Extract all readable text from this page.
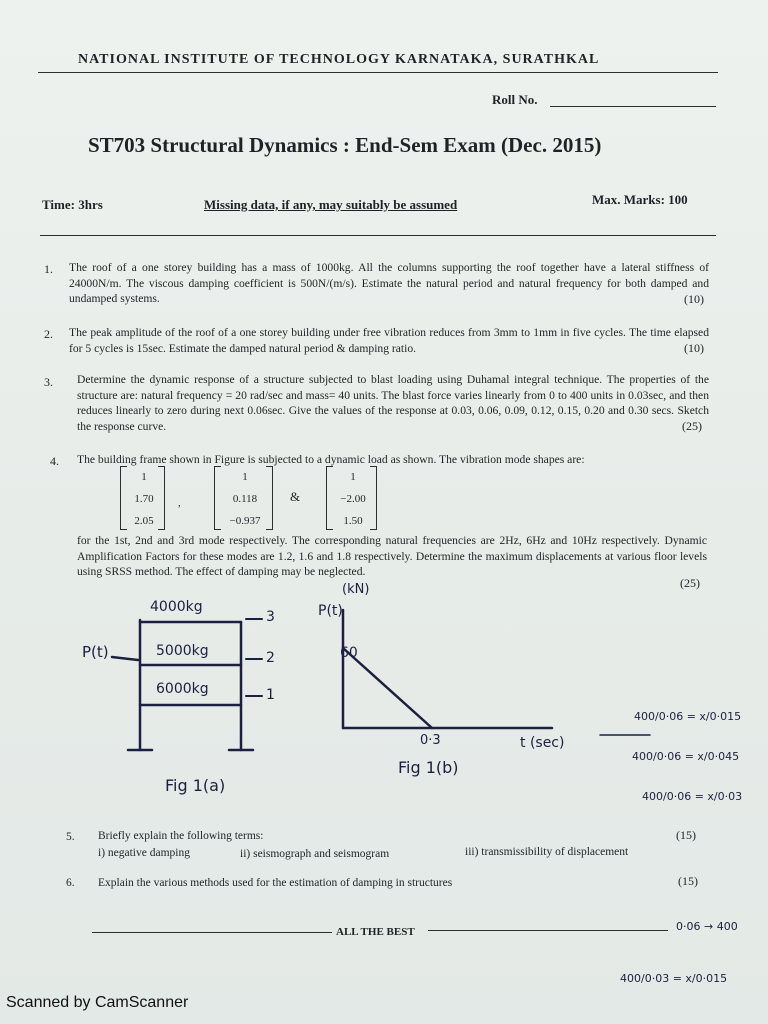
NATIONAL INSTITUTE OF TECHNOLOGY KARNATAKA, SURATHKAL
Roll No.
ST703 Structural Dynamics : End-Sem Exam (Dec. 2015)
Time: 3hrs	Missing data, if any, may suitably be assumed	Max. Marks: 100
1. The roof of a one storey building has a mass of 1000kg. All the columns supporting the roof together have a lateral stiffness of 24000N/m. The viscous damping coefficient is 500N/(m/s). Estimate the natural period and natural frequency for both damped and undamped systems.	(10)
2. The peak amplitude of the roof of a one storey building under free vibration reduces from 3mm to 1mm in five cycles. The time elapsed for 5 cycles is 15sec. Estimate the damped natural period & damping ratio.	(10)
3. Determine the dynamic response of a structure subjected to blast loading using Duhamal integral technique. The properties of the structure are: natural frequency = 20 rad/sec and mass= 40 units. The blast force varies linearly from 0 to 400 units in 0.03sec, and then reduces linearly to zero during next 0.06sec. Give the values of the response at 0.03, 0.06, 0.09, 0.12, 0.15, 0.20 and 0.30 secs. Sketch the response curve.	(25)
4. The building frame shown in Figure is subjected to a dynamic load as shown. The vibration mode shapes are:
1
1.70
2.05
,
1
0.118
−0.937
&
1
−2.00
1.50
for the 1st, 2nd and 3rd mode respectively. The corresponding natural frequencies are 2Hz, 6Hz and 10Hz respectively. Dynamic Amplification Factors for these modes are 1.2, 1.6 and 1.8 respectively. Determine the maximum displacements at various floor levels using SRSS method. The effect of damping may be neglected.
(25)
4000kg
5000kg
6000kg
3
2
1
P(t)
Fig 1(a)
(kN)
P(t)
60
0·3	t (sec)
Fig 1(b)
400/0·06 = x/0·015
400/0·06 = x/0·045
400/0·06 = x/0·03
0·06 → 400
400/0·03 = x/0·015
5. Briefly explain the following terms:	(15)
i) negative damping	ii) seismograph and seismogram	iii) transmissibility of displacement
6. Explain the various methods used for the estimation of damping in structures	(15)
ALL THE BEST
Scanned by CamScanner
